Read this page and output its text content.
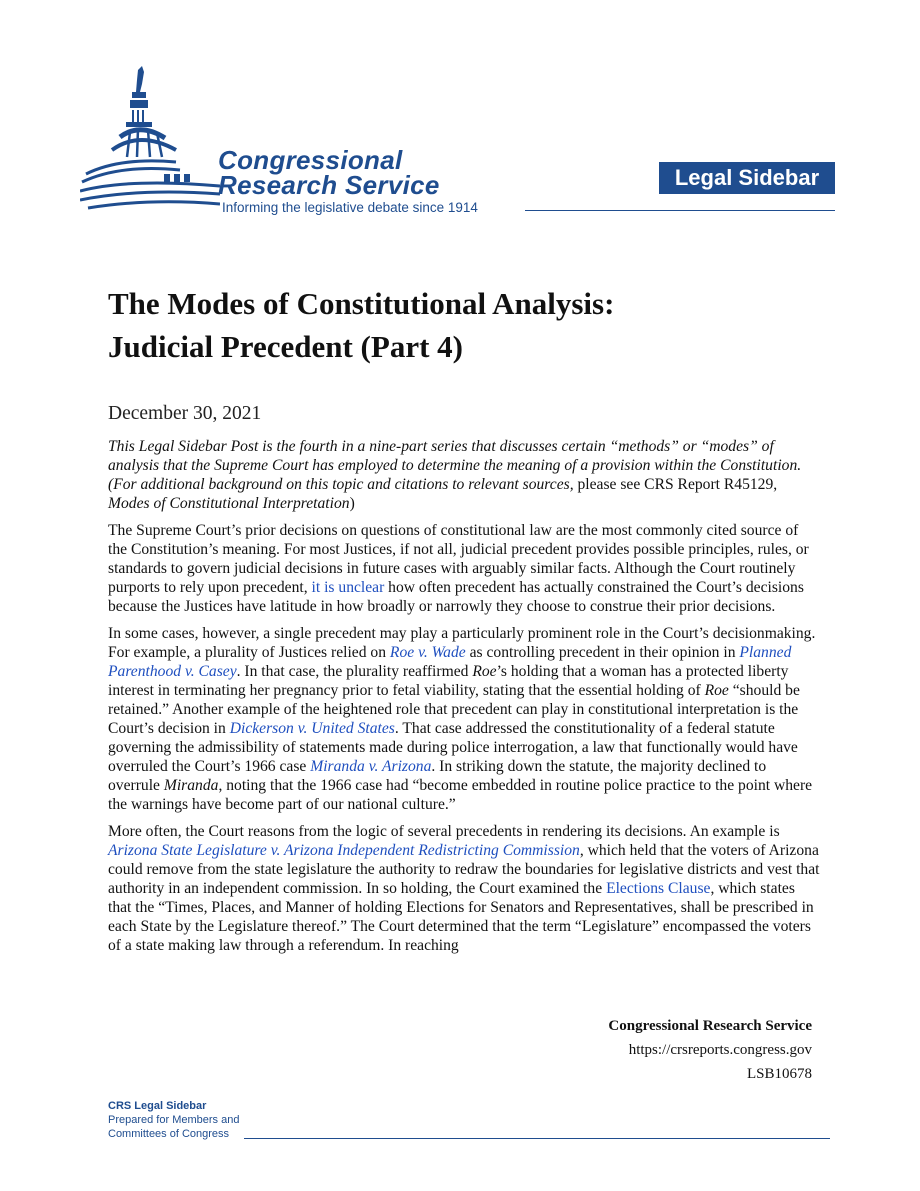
Congressional
Research Service
Informing the legislative debate since 1914
Legal Sidebar
The Modes of Constitutional Analysis:
Judicial Precedent (Part 4)
December 30, 2021

This Legal Sidebar Post is the fourth in a nine-part series that discusses certain “methods” or “modes” of analysis that the Supreme Court has employed to determine the meaning of a provision within the Constitution. (For additional background on this topic and citations to relevant sources, please see CRS Report R45129, Modes of Constitutional Interpretation)

The Supreme Court’s prior decisions on questions of constitutional law are the most commonly cited source of the Constitution’s meaning. For most Justices, if not all, judicial precedent provides possible principles, rules, or standards to govern judicial decisions in future cases with arguably similar facts. Although the Court routinely purports to rely upon precedent, it is unclear how often precedent has actually constrained the Court’s decisions because the Justices have latitude in how broadly or narrowly they choose to construe their prior decisions.

In some cases, however, a single precedent may play a particularly prominent role in the Court’s decisionmaking. For example, a plurality of Justices relied on Roe v. Wade as controlling precedent in their opinion in Planned Parenthood v. Casey. In that case, the plurality reaffirmed Roe’s holding that a woman has a protected liberty interest in terminating her pregnancy prior to fetal viability, stating that the essential holding of Roe “should be retained.” Another example of the heightened role that precedent can play in constitutional interpretation is the Court’s decision in Dickerson v. United States. That case addressed the constitutionality of a federal statute governing the admissibility of statements made during police interrogation, a law that functionally would have overruled the Court’s 1966 case Miranda v. Arizona. In striking down the statute, the majority declined to overrule Miranda, noting that the 1966 case had “become embedded in routine police practice to the point where the warnings have become part of our national culture.”

More often, the Court reasons from the logic of several precedents in rendering its decisions. An example is Arizona State Legislature v. Arizona Independent Redistricting Commission, which held that the voters of Arizona could remove from the state legislature the authority to redraw the boundaries for legislative districts and vest that authority in an independent commission. In so holding, the Court examined the Elections Clause, which states that the “Times, Places, and Manner of holding Elections for Senators and Representatives, shall be prescribed in each State by the Legislature thereof.” The Court determined that the term “Legislature” encompassed the voters of a state making law through a referendum. In reaching

Congressional Research Service
https://crsreports.congress.gov
LSB10678
CRS Legal Sidebar
Prepared for Members and
Committees of Congress
